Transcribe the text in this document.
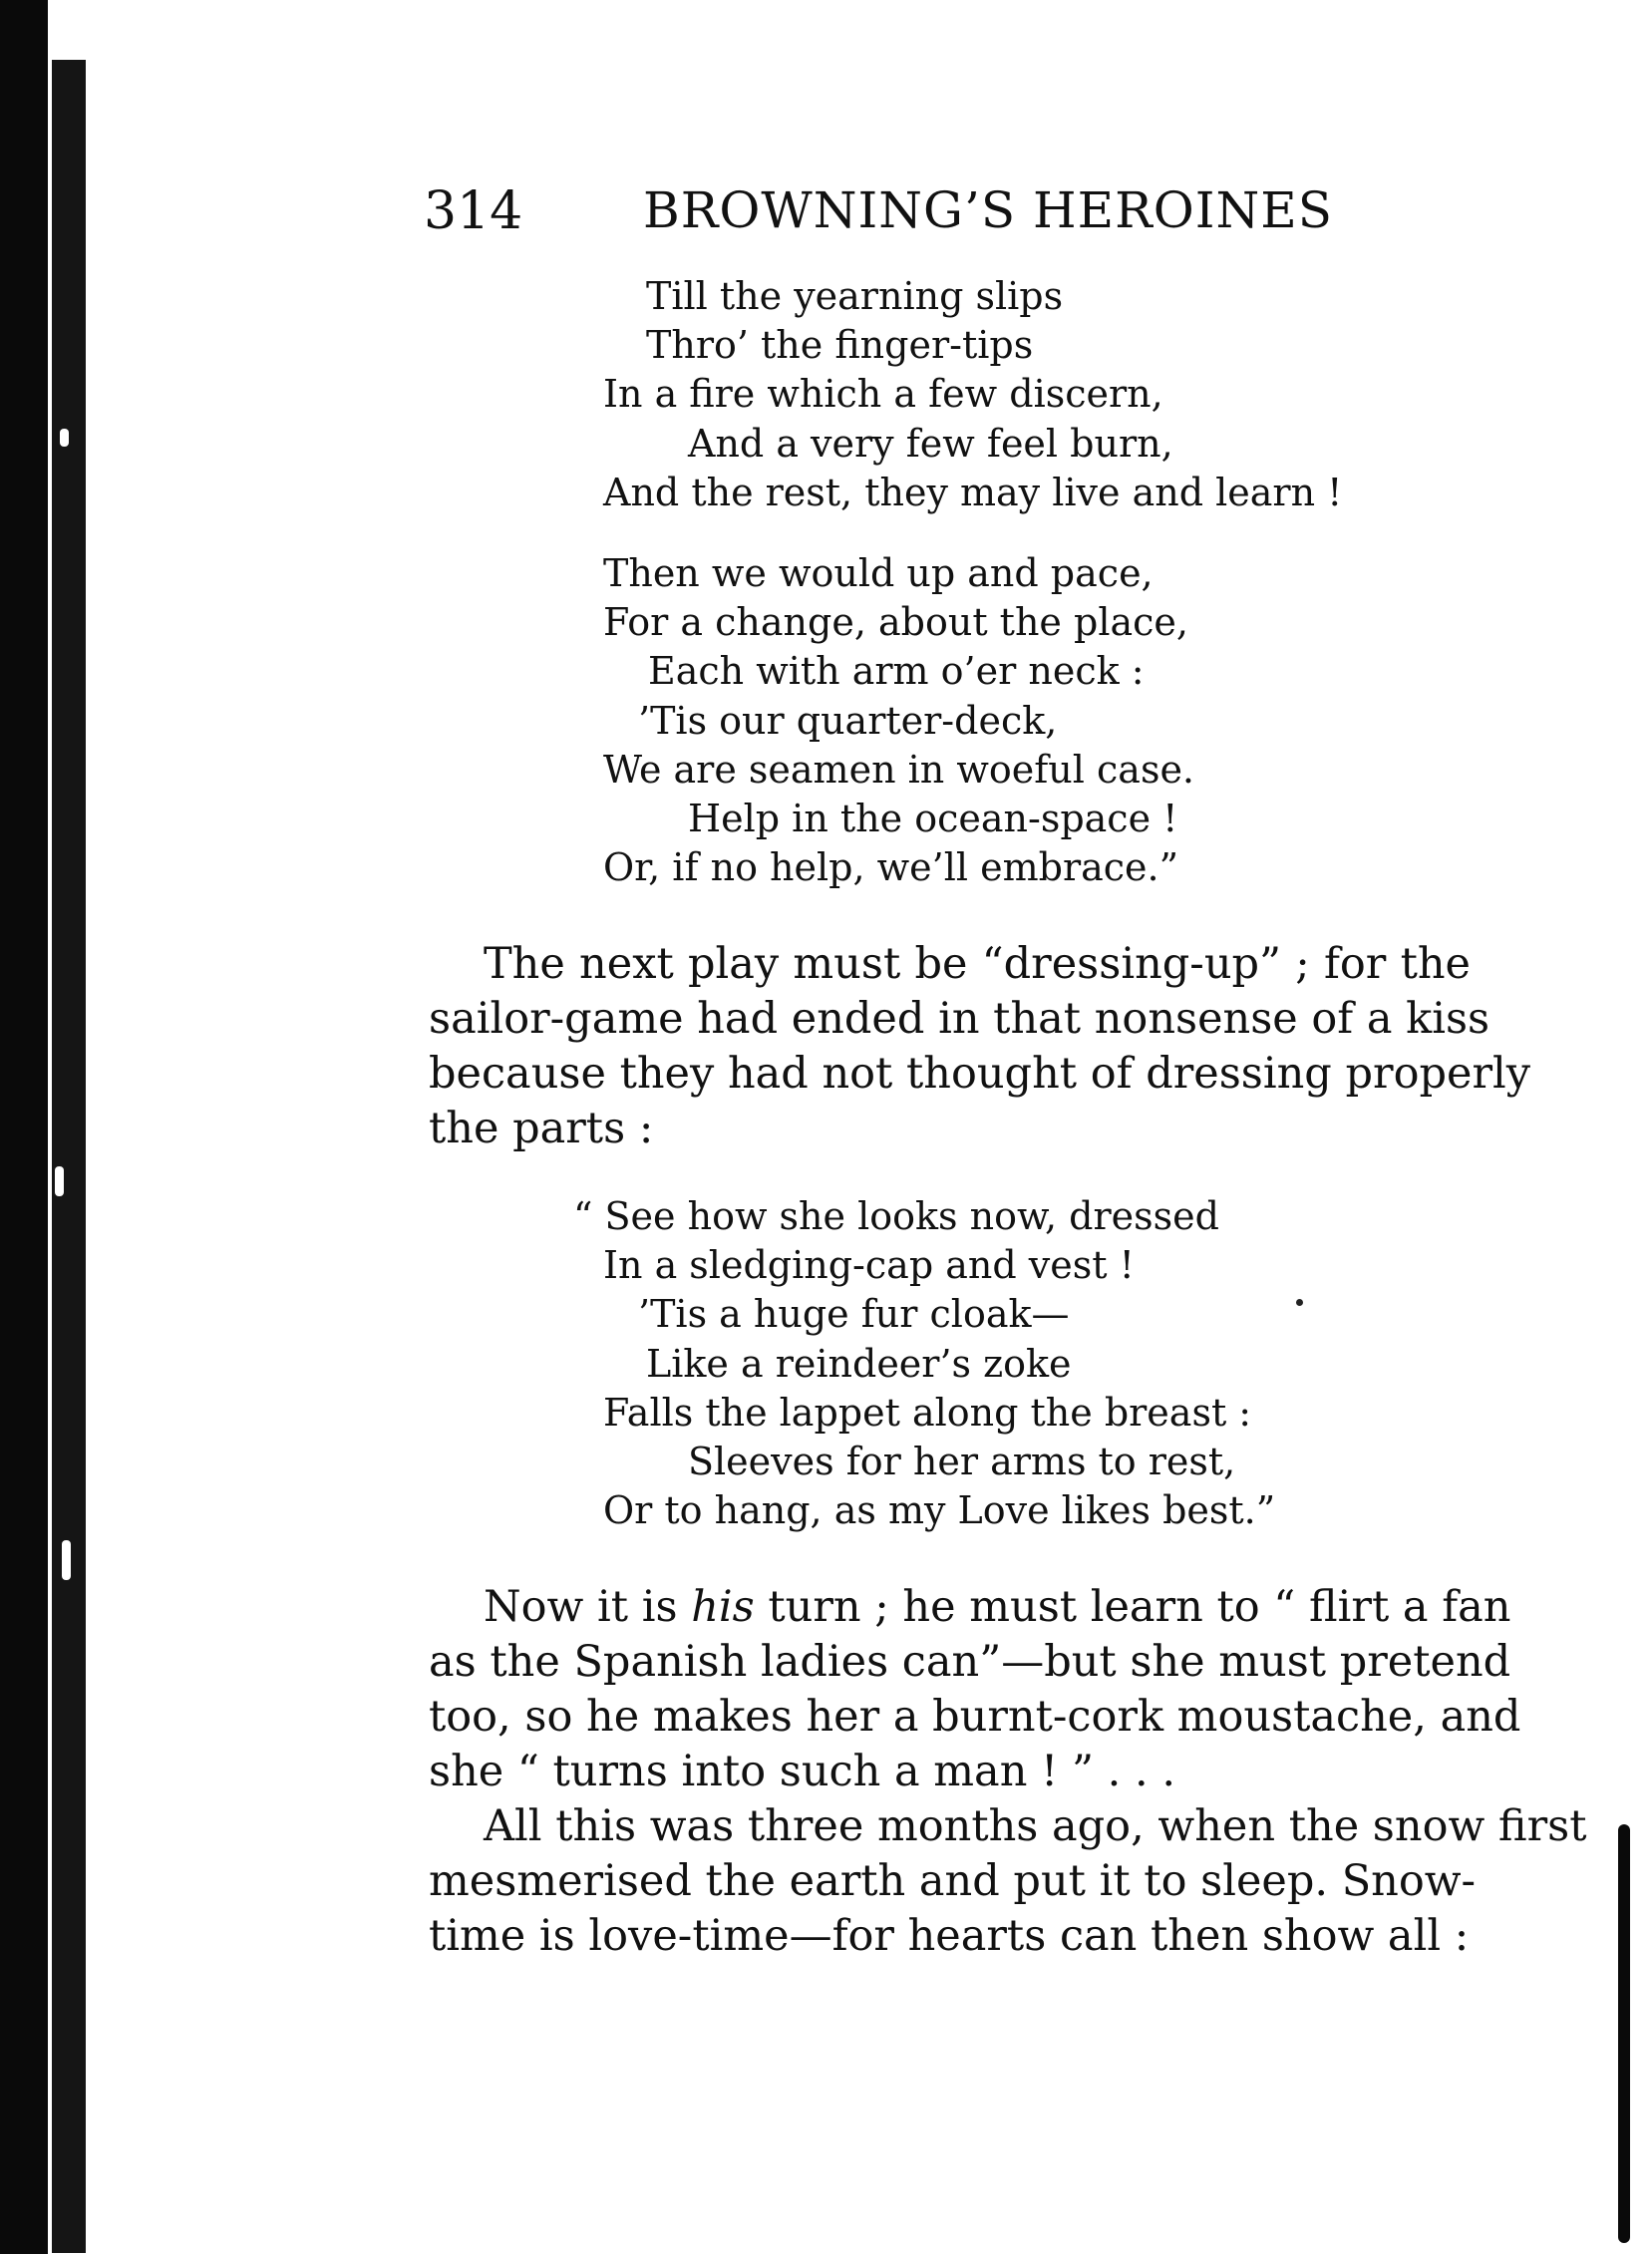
314 BROWNING’S HEROINES
Till the yearning slips
Thro’ the finger-tips
In a fire which a few discern,
And a very few feel burn,
And the rest, they may live and learn !
Then we would up and pace,
For a change, about the place,
Each with arm o’er neck :
’Tis our quarter-deck,
We are seamen in woeful case.
Help in the ocean-space !
Or, if no help, we’ll embrace.”
The next play must be “dressing-up” ; for the
sailor-game had ended in that nonsense of a kiss
because they had not thought of dressing properly
the parts :
“ See how she looks now, dressed
In a sledging-cap and vest !
’Tis a huge fur cloak—
Like a reindeer’s zoke
Falls the lappet along the breast :
Sleeves for her arms to rest,
Or to hang, as my Love likes best.”
Now it is his turn ; he must learn to “ flirt a fan
as the Spanish ladies can”—but she must pretend
too, so he makes her a burnt-cork moustache, and
she “ turns into such a man ! ” . . .
All this was three months ago, when the snow first
mesmerised the earth and put it to sleep. Snow-
time is love-time—for hearts can then show all :
